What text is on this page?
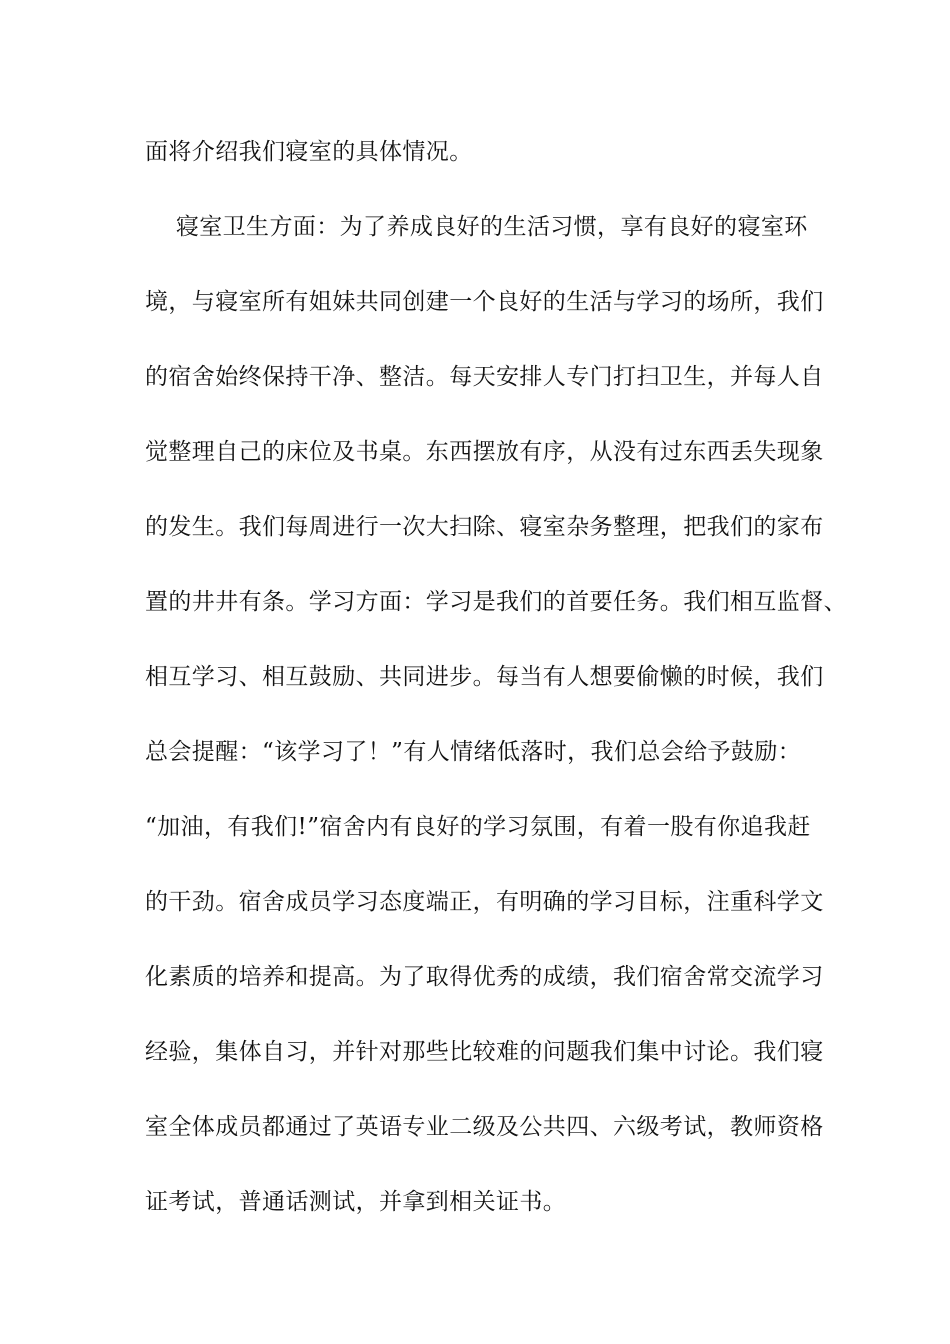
面将介绍我们寝室的具体情况。
寝室卫生方面：为了养成良好的生活习惯，享有良好的寝室环
境，与寝室所有姐妹共同创建一个良好的生活与学习的场所，我们
的宿舍始终保持干净、整洁。每天安排人专门打扫卫生，并每人自
觉整理自己的床位及书桌。东西摆放有序，从没有过东西丢失现象
的发生。我们每周进行一次大扫除、寝室杂务整理，把我们的家布
置的井井有条。学习方面：学习是我们的首要任务。我们相互监督、
相互学习、相互鼓励、共同进步。每当有人想要偷懒的时候，我们
总会提醒：“该学习了！”有人情绪低落时，我们总会给予鼓励：
“加油，有我们!”宿舍内有良好的学习氛围，有着一股有你追我赶
的干劲。宿舍成员学习态度端正，有明确的学习目标，注重科学文
化素质的培养和提高。为了取得优秀的成绩，我们宿舍常交流学习
经验，集体自习，并针对那些比较难的问题我们集中讨论。我们寝
室全体成员都通过了英语专业二级及公共四、六级考试，教师资格
证考试，普通话测试，并拿到相关证书。
